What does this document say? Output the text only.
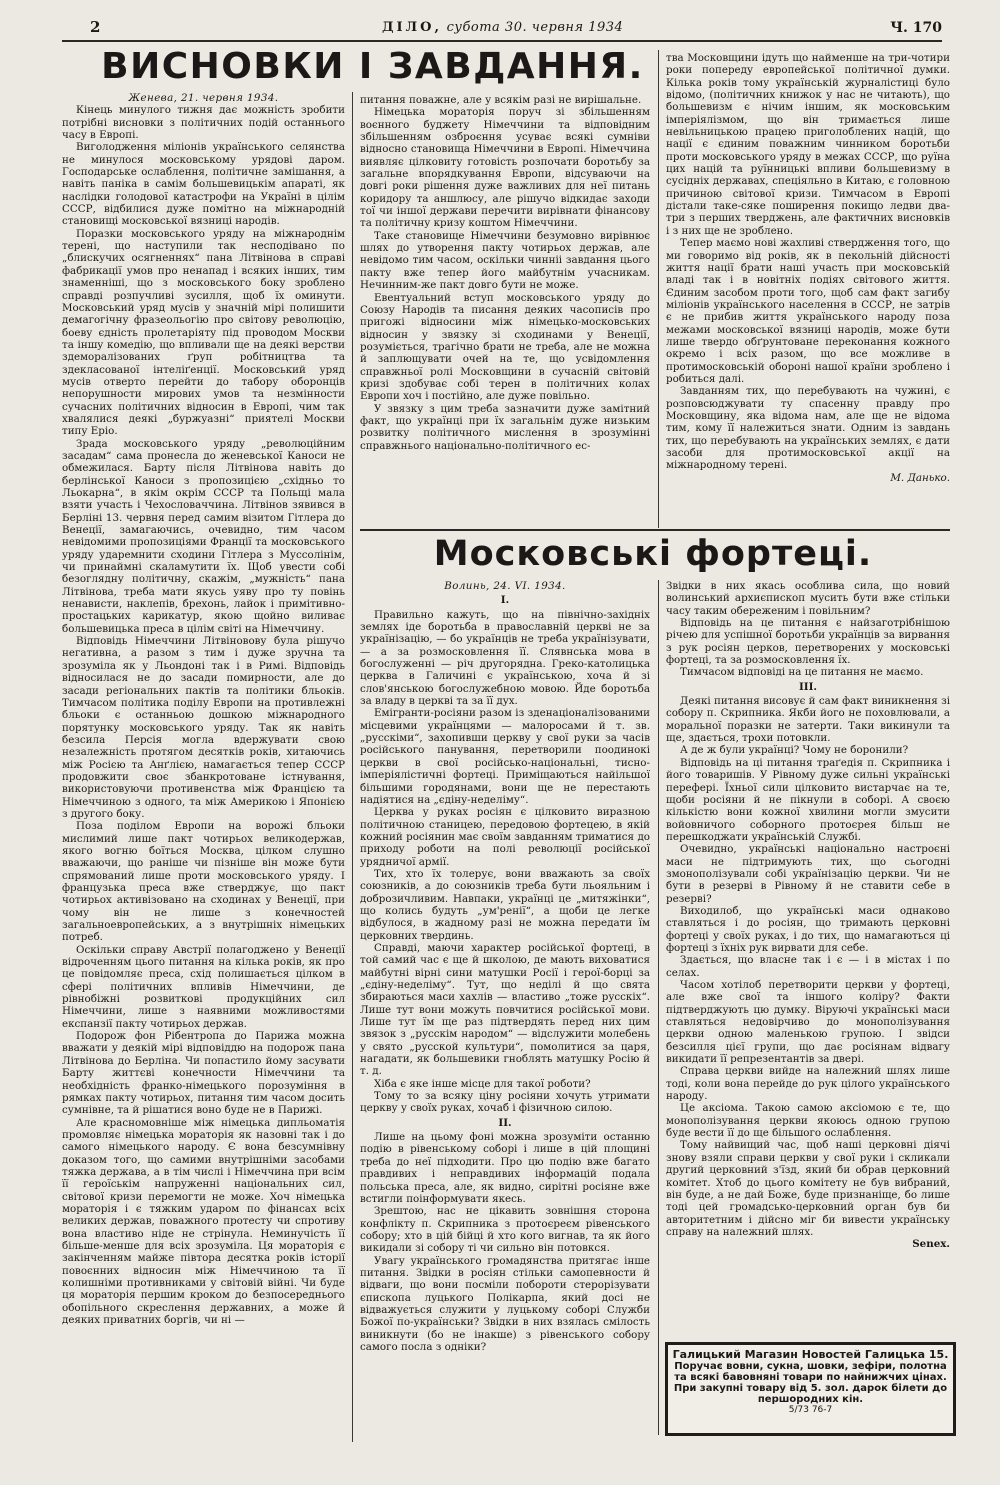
2	ДІЛО, субота 30. червня 1934	Ч. 170
ВИСНОВКИ І ЗАВДАННЯ.

Женева, 21. червня 1934.

Кінець минулого тижня дає можність зробити потрібні висновки з політичних подій останнього часу в Европі.

Виголодження міліонів українського селянства не минулося московському урядові даром. Господарське ослаблення, політичне замішання, а навіть паніка в самім большевицькім апараті, як наслідки голодової катастрофи на Україні в цілім СССР, відбилися дуже помітно на міжнародній становищі московської вязниці народів.

Поразки московського уряду на міжнароднім терені, що наступили так несподівано по „блискучих осягненнях“ пана Літвінова в справі фабрикації умов про ненапад і всяких інших, тим знаменніші, що з московського боку зроблено справді розпучливі зусилля, щоб їх оминути. Московський уряд мусів у значній мірі полишити демагогічну фразеольогію про світову революцію, боеву єдність пролетаріяту під проводом Москви та іншу комедію, що впливали ще на деякі верстви здеморалізованих ґруп робітництва та здекласованої інтеліґенції. Московський уряд мусів отверто перейти до табору оборонців непорушности мирових умов та незмінности сучасних політичних відносин в Европі, чим так хвалялися деякі „буржуазні“ приятелі Москви типу Еріо.

Зрада московського уряду „революційним засадам“ сама пронесла до женевської Каноси не обмежилася. Барту після Літвінова навіть до берлінської Каноси з пропозицією „східньо то Льокарна“, в якім окрім СССР та Польщі мала взяти участь і Чехословаччина. Літвінов зявився в Берліні 13. червня перед самим візитом Гітлера до Венеції, замагаючись, очевидно, тим часом невідомими пропозиціями Франції та московського уряду ударемнити сходини Гітлера з Муссолінім, чи принаймні скаламутити їх. Щоб увести собі безоглядну політичну, скажім, „мужність“ пана Літвінова, треба мати якусь уяву про ту повінь ненависти, наклепів, брехонь, лайок і примітивно-простацьких карикатур, якою щойно виливає большевицька преса в цілім світі на Німеччину.

Відповідь Німеччини Літвіновову була рішучо негативна, а разом з тим і дуже зручна та зрозуміла як у Льондоні так і в Римі. Відповідь відносилася не до засади помирности, але до засади регіональних пактів та політики бльоків. Тимчасом політика поділу Европи на противлежні бльоки є останньою дошкою міжнародного порятунку московського уряду. Так як навіть безсила Персія могла вдержувати свою незалежність протягом десятків років, хитаючись між Росією та Анґлією, намагається тепер СССР продовжити своє збанкротоване істнування, використовуючи противенства між Францією та Німеччиною з одного, та між Америкою і Японією з другого боку.

Поза поділом Европи на ворожі бльоки мислимий лише пакт чотирьох великодержав, якого вогню боїться Москва, цілком слушно вважаючи, що раніше чи пізніше він можe бути спрямований лише проти московського уряду. І французька преса вже стверджує, що пакт чотирьох активізовано на сходинах у Венеції, при чому він не лише з конечностей загальноевропейських, а з внутрішніх німецьких потреб.

Оскільки справу Австрії полагоджено у Венеції відроченням цього питання на кілька років, як про це повідомляє преса, схід полишається цілком в сфері політичних впливів Німеччини, де рівнобіжні розвиткові продукційних сил Німеччини, лише з наявними можливостями експанзії пакту чотирьох держав.

Подорож фон Рібентропа до Парижа можна вважати у деякій мірі відповіддю на подорож пана Літвінова до Берліна. Чи попастило йому засувати Барту життєві конечности Німеччини та необхідність франко-німецького порозуміння в рямках пакту чотирьох, питання тим часом досить сумнівне, та й рішатися воно буде не в Парижі.

Але красномовніше між німецька дипльоматія промовляє німецька мораторія як назовні так і до самого німецького народу. Є вона безсумнівну доказом того, що самими внутрішніми засобами тяжка держава, а в тім числі і Німеччина при всім її героїськім напруженні національних сил, світової кризи перемогти не може. Хоч німецька мораторія і є тяжким ударом по фінансах всіх великих держав, поважного протесту чи спротиву вона властиво ніде не стрінула. Неминучість її більше-менше для всіх зрозуміла. Ця мораторія є закінченням майже півтора десятка років історії повоєнних відносин між Німеччиною та її колишніми противниками у світовій війні. Чи буде ця мораторія першим кроком до безпосереднього обопільного скреслення державних, а може й деяких приватних боргів, чи ні —

питання поважне, але у всякім разі не вирішальне.

Німецька мораторія поруч зі збільшенням воєнного буджету Німеччини та відповідним збільшенням озброєння усуває всякі сумніви відносно становища Німеччини в Европі. Німеччина виявляє цілковиту готовість розпочати боротьбу за загальне впорядкування Европи, відсуваючи на довгі роки рішення дуже важливих для неї питань коридору та аншлюсу, але рішучо відкидає заходи тої чи іншої держави перечити вирівнати фінансову та політичну кризу коштом Німеччини.

Таке становище Німеччини безумовно вирівнює шлях до утворення пакту чотирьох держав, але невідомо тим часом, оскільки чинніі завдання цього пакту вже тепер його майбутнім учасникам. Нечинним-же пакт довго бути не може.

Евентуальний вступ московського уряду до Союзу Народів та писання деяких часописів про пригожі відносини між німецько-московських відносин у звязку зі сходинами у Венеції, розуміється, трагічно брати не треба, але не можна й заплющувати очей на те, що усвідомлення справжньої ролі Московщини в сучасній світовій кризі здобуває собі терен в політичних колах Европи хоч і постійно, але дуже повільно.

У звязку з цим треба зазначити дуже замітний факт, що українці при їх загальнім дуже низьким розвитку політичного мислення в зрозумінні справжнього національно-політичного ес-

тва Московщини ідуть що найменше на три-чотири роки попереду европейської політичної думки. Кілька років тому українській журналістиці було відомо, (політичних книжок у нас не читають), що большевизм є нічим іншим, як московським імперіялізмом, що він тримається лише невільницькою працею приголоблених націй, що нації є єдиним поважним чинником боротьби проти московського уряду в межах СССР, що руїна цих націй та руїнницькі впливи большевизму в сусідніх державах, спеціяльно в Китаю, є головною причиною світової кризи. Тимчасом в Европі дістали таке-сяке поширення покищо ледви два-три з перших тверджень, але фактичних висновків і з них ще не зроблено.

Тепер маємо нові жахливі ствердження того, що ми говоримо від років, як в пекольній дійсності життя нації брати наші участь при московській владі так і в новітніх подіях світового життя. Єдиним засобом проти того, щоб сам факт загибу міліонів українського населення в СССР, не затрів є не прибив життя українського народу поза межами московської вязниці народів, може бути лише твердо обґрунтоване переконання кожного окремо і всіх разом, що все можливе в протимосковській обороні нашої країни зроблено і робиться далі.

Завданням тих, що перебувають на чужині, є розповсюджувати ту спасенну правду про Московщину, яка відома нам, але ще не відома тим, кому її належиться знати. Одним із завдань тих, що перебувають на українських землях, є дати засоби для протимосковської акції на міжнародному терені.

М. Данько.

Московські фортеці.

Волинь, 24. VI. 1934.

I.

Правильно кажуть, що на північно-західніх землях іде боротьба в православній церкві не за українізацію, — бо українців не треба українізувати, — а за розмосковлення її. Слявнська мова в богослуженні — річ другорядна. Греко-католицька церква в Галичині є українською, хоча й зі слов'янською богослужебною мовою. Йде боротьба за владу в церкві та за її дух.

Емігранти-росіяни разом із зденаціоналізованими місцевими українцями — малоросами й т. зв. „русскіми“, захопивши церкву у свої руки за часів російського панування, перетворили поодинокі церкви в свої російсько-національні, тисно-імперіялістичні фортеці. Приміщаються найільшої більшими городянами, вони ще не перестають надіятися на „єдіну-неделіму“.

Церква у руках росіян є цілковито виразною політичною станицею, передовою фортецею, в якій кожний росіянин має своїм завданням триматися до приходу роботи на полі революції російської урядничої армії.

Тих, хто їх толерує, вони вважають за своїх союзників, а до союзників треба бути льояльним і доброзичливим. Навпаки, українці це „митяжінки“, що колись будуть „ум'ренії“, а щоби це легке відбулося, в жадному разі не можна передати їм церковних твердинь.

Справді, маючи характер російської фортеці, в той самий час є ще й школою, де мають виховатися майбутні вірні сини матушки Росії і герої-борці за „єдіну-неделіму“. Тут, що неділі й що свята збираються маси хахлів — властиво „тоже русскіх“. Лише тут вони можуть повчитися російської мови. Лише тут їм ще раз підтвердять перед них цим звязок з „русскім народом“ — відслужити молебень у свято „русской культури“, помолитися за царя, нагадати, як большевики гноблять матушку Росію й т. д.

Хіба є яке інше місце для такої роботи?

Тому то за всяку ціну росіяни хочуть утримати церкву у своїх руках, хочаб і фізичною силою.

II.

Лише на цьому фоні можна зрозуміти останню подію в рівенському соборі і лише в цій площині треба до неї підходити. Про цю подію вже багато правдивих і неправдивих інформацій подала польська преса, але, як видно, сирітні росіяне вже встигли поінформувати якесь.

Зрештою, нас не цікавить зовнішня сторона конфлікту п. Скрипника з протоєреєм рівенського собору; хто в цій бійці й хто кого вигнав, та як його викидали зі собору ті чи сильно він потовкся.

Увагу українського громадянства притягає інше питання. Звідки в росіян стільки самопевности й відваги, що вони посміли побороти стерорізувати єпископа луцького Полікарпа, який досі не відважується служити у луцькому соборі Служби Божої по-українськи? Звідки в них взялась смілость виникнути (бо не інакше) з рівенського собору самого посла з одніки?

Звідки в них якась особлива сила, що новий волинський архиєпископ мусить бути вже стільки часу таким обереженим і повільним?

Відповідь на це питання є найзаготрібнішою річею для успішної боротьби українців за вирвання з рук росіян церков, перетворених у московські фортеці, та за розмосковлення їх.

Тимчасом відповіді на це питання не маємо.

III.

Деякі питання висовує й сам факт виникнення зі собору п. Скрипника. Якби його не поховлювали, а моральної поразки не затерти. Таки викинули та ще, здається, трохи потовкли.

А де ж були українці? Чому не боронили?

Відповідь на ці питання траґедія п. Скрипника і його товаришів. У Рівному дуже сильні українські перефері. Їхньої сили цілковито вистарчає на те, щоби росіяни й не пікнули в соборі. А своєю кількістю вони кожної хвилини могли змусити войовничого соборного протоєрея більш не перешкоджати українській Службі.

Очевидно, українські національно настроєні маси не підтримують тих, що сьогодні змонополізували собі українізацію церкви. Чи не бути в резерві в Рівному й не ставити себе в резерві?

Виходилоб, що українські маси однаково ставляться і до росіян, що тримають церковні фортеці у своїх руках, і до тих, що намагаються ці фортеці з їхніх рук вирвати для себе.

Здається, що власне так і є — і в містах і по селах.

Часом хотілоб перетворити церкви у фортеці, але вже свої та іншого коліру? Факти підтверджують цю думку. Віруючі українські маси ставляться недовірчиво до монополізування церкви одною маленькою групою. І звідси безсилля цієї групи, що дає росіянам відвагу викидати її репрезентантів за двері.

Справа церкви вийде на належний шлях лише тоді, коли вона перейде до рук цілого українського народу.

Це аксіома. Такою самою аксіомою є те, що монополізування церкви якоюсь одною групою буде вести її до ще більшого ослаблення.

Тому найвищий час, щоб наші церковні діячі знову взяли справи церкви у свої руки і скликали другий церковний з'їзд, який би обрав церковний комітет. Хтоб до цього комітету не був вибраний, він буде, а не дай Боже, буде признаніще, бо лише тоді цей громадсько-церковний орган був би авторитетним і дійсно міг би вивести українську справу на належний шлях.

Senex.

Галицький Магазин Новостей Галицька 15.
Поручає вовни, сукна, шовки, зефіри, полотна та всякі бавовняні товари по найнижчих цінах. При закупні товару від 5. зол. дарок білети до першородних кін.
5/73 76-7
